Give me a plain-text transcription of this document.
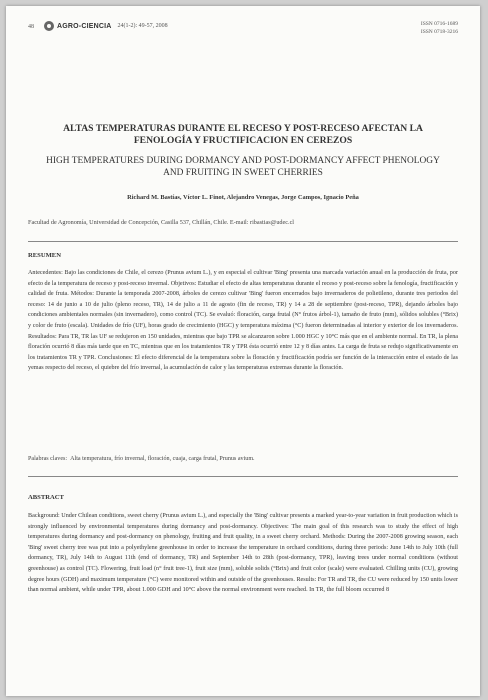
48	AGRO-CIENCIA 24(1-2): 49-57, 2008	ISSN 0716-1689
ISSN 0718-3216
ALTAS TEMPERATURAS DURANTE EL RECESO Y POST-RECESO AFECTAN LA FENOLOGÍA Y FRUCTIFICACION EN CEREZOS
HIGH TEMPERATURES DURING DORMANCY AND POST-DORMANCY AFFECT PHENOLOGY AND FRUITING IN SWEET CHERRIES
Richard M. Bastías, Víctor L. Finot, Alejandro Venegas, Jorge Campos, Ignacio Peña
Facultad de Agronomía, Universidad de Concepción, Casilla 537, Chillán, Chile. E-mail: ribastias@udec.cl
RESUMEN
Antecedentes: Bajo las condiciones de Chile, el cerezo (Prunus avium L.), y en especial el cultivar 'Bing' presenta una marcada variación anual en la producción de fruta, por efecto de la temperatura de receso y post-receso invernal. Objetivos: Estudiar el efecto de altas temperaturas durante el receso y post-receso sobre la fenología, fructificación y calidad de fruta. Métodos: Durante la temporada 2007-2008, árboles de cerezo cultivar 'Bing' fueron encerrados bajo invernaderos de polietileno, durante tres periodos del receso: 14 de junio a 10 de julio (pleno receso, TR), 14 de julio a 11 de agosto (fin de receso, TR) y 14 a 28 de septiembre (post-receso, TPR), dejando árboles bajo condiciones ambientales normales (sin invernadero), como control (TC). Se evaluó: floración, carga frutal (N° frutos árbol-1), tamaño de fruto (mm), sólidos solubles (°Brix) y color de fruto (escala). Unidades de frío (UF), horas grado de crecimiento (HGC) y temperatura máxima (°C) fueron determinadas al interior y exterior de los invernaderos. Resultados: Para TR, TR las UF se redujeron en 150 unidades, mientras que bajo TPR se alcanzaron sobre 1.000 HGC y 10°C más que en el ambiente normal. En TR, la plena floración ocurrió 8 días más tarde que en TC, mientras que en los tratamientos TR y TPR ésta ocurrió entre 12 y 8 días antes. La carga de fruta se redujo significativamente en los tratamientos TR y TPR. Conclusiones: El efecto diferencial de la temperatura sobre la floración y fructificación podría ser función de la interacción entre el estado de las yemas respecto del receso, el quiebre del frío invernal, la acumulación de calor y las temperaturas extremas durante la floración.
Palabras claves: Alta temperatura, frío invernal, floración, cuaja, carga frutal, Prunus avium.
ABSTRACT
Background: Under Chilean conditions, sweet cherry (Prunus avium L.), and especially the 'Bing' cultivar presents a marked year-to-year variation in fruit production which is strongly influenced by environmental temperatures during dormancy and post-dormancy. Objectives: The main goal of this research was to study the effect of high temperatures during dormancy and post-dormancy on phenology, fruiting and fruit quality, in a sweet cherry orchard. Methods: During the 2007-2008 growing season, each 'Bing' sweet cherry tree was put into a polyethylene greenhouse in order to increase the temperature in orchard conditions, during three periods: June 14th to July 10th (full dormancy, TR), July 14th to August 11th (end of dormancy, TR) and September 14th to 28th (post-dormancy, TPR), leaving trees under normal conditions (without greenhouse) as control (TC). Flowering, fruit load (n° fruit tree-1), fruit size (mm), soluble solids (°Brix) and fruit color (scale) were evaluated. Chilling units (CU), growing degree hours (GDH) and maximum temperature (°C) were monitored within and outside of the greenhouses. Results: For TR and TR, the CU were reduced by 150 units lower than normal ambient, while under TPR, about 1.000 GDH and 10°C above the normal environment were reached. In TR, the full bloom occurred 8
